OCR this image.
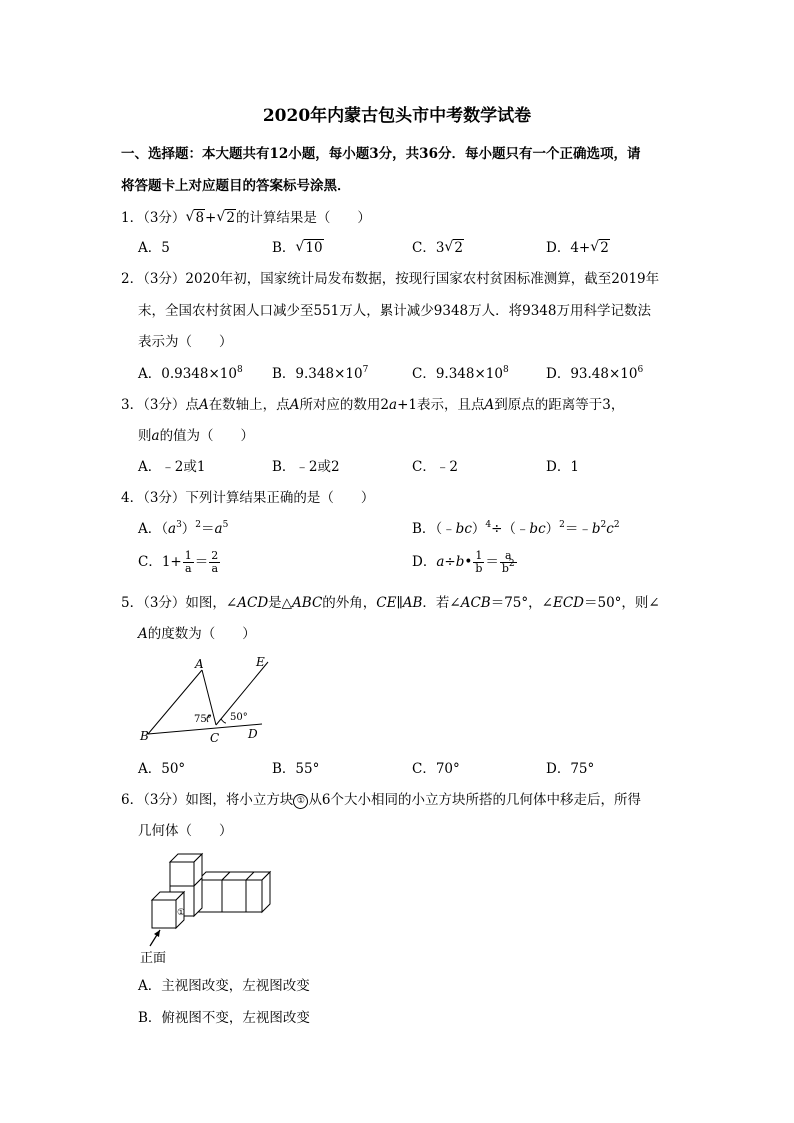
2020年内蒙古包头市中考数学试卷
一、选择题：本大题共有12小题，每小题3分，共36分．每小题只有一个正确选项，请
将答题卡上对应题目的答案标号涂黑．
1．（3分） √ 8+ √ 2的计算结果是（　　）
A．5	B． √ 10	C．3 √ 2	D．4+ √ 2
2．（3分）2020年初，国家统计局发布数据，按现行国家农村贫困标准测算，截至2019年
末，全国农村贫困人口减少至551万人，累计减少9348万人．将9348万用科学记数法
表示为（　　）
A．$0.9348\times 10^8$ B．$9.348\times 10^7$	C．$9.348\times 10^8$	D．$93.48\times 10^6$
3．（3分）点A在数轴上，点A所对应的数用2a+1表示，且点A到原点的距离等于3，
则a的值为（　　）
A．﹣2或1	B．﹣2或2	C．﹣2	D．1
4．（3分）下列计算结果正确的是（　　）
A．$(a^3)^2=a^5$	B．$(﹣bc)^4\div(﹣bc)^2=﹣b^2c^2$
C．$1+ \frac{1}{a} = \frac{2}{a}$	D．a÷b• $\frac{1}{b} = \frac{a}{b^2}$
5．（3分）如图，∠ACD是△ABC的外角，CE∥AB．若∠ACB＝75°，∠ECD＝50°，则∠
A的度数为（　　）
A	E
B	C D
75° 50°
A．50°	B．55°	C．70°	D．75°
6．（3分）如图，将小立方块 ① 从6个大小相同的小立方块所搭的几何体中移走后，所得
几何体（　　）
①
正面
A．主视图改变，左视图改变
B．俯视图不变，左视图改变
